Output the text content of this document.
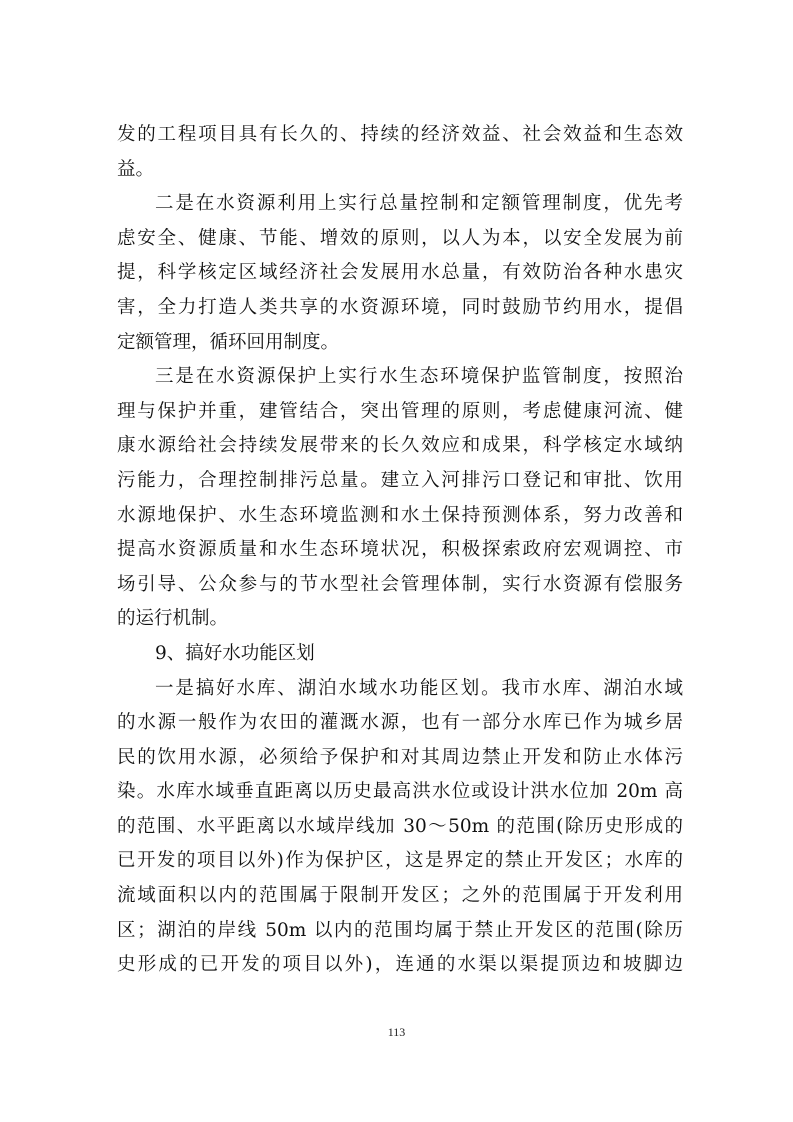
发的工程项目具有长久的、持续的经济效益、社会效益和生态效
益。
二是在水资源利用上实行总量控制和定额管理制度，优先考
虑安全、健康、节能、增效的原则，以人为本，以安全发展为前
提，科学核定区域经济社会发展用水总量，有效防治各种水患灾
害，全力打造人类共享的水资源环境，同时鼓励节约用水，提倡
定额管理，循环回用制度。
三是在水资源保护上实行水生态环境保护监管制度，按照治
理与保护并重，建管结合，突出管理的原则，考虑健康河流、健
康水源给社会持续发展带来的长久效应和成果，科学核定水域纳
污能力，合理控制排污总量。建立入河排污口登记和审批、饮用
水源地保护、水生态环境监测和水土保持预测体系，努力改善和
提高水资源质量和水生态环境状况，积极探索政府宏观调控、市
场引导、公众参与的节水型社会管理体制，实行水资源有偿服务
的运行机制。
9、搞好水功能区划
一是搞好水库、湖泊水域水功能区划。我市水库、湖泊水域
的水源一般作为农田的灌溉水源，也有一部分水库已作为城乡居
民的饮用水源，必须给予保护和对其周边禁止开发和防止水体污
染。水库水域垂直距离以历史最高洪水位或设计洪水位加 20m 高
的范围、水平距离以水域岸线加 30～50m 的范围(除历史形成的
已开发的项目以外)作为保护区，这是界定的禁止开发区；水库的
流域面积以内的范围属于限制开发区；之外的范围属于开发利用
区；湖泊的岸线 50m 以内的范围均属于禁止开发区的范围(除历
史形成的已开发的项目以外)，连通的水渠以渠提顶边和坡脚边
113
